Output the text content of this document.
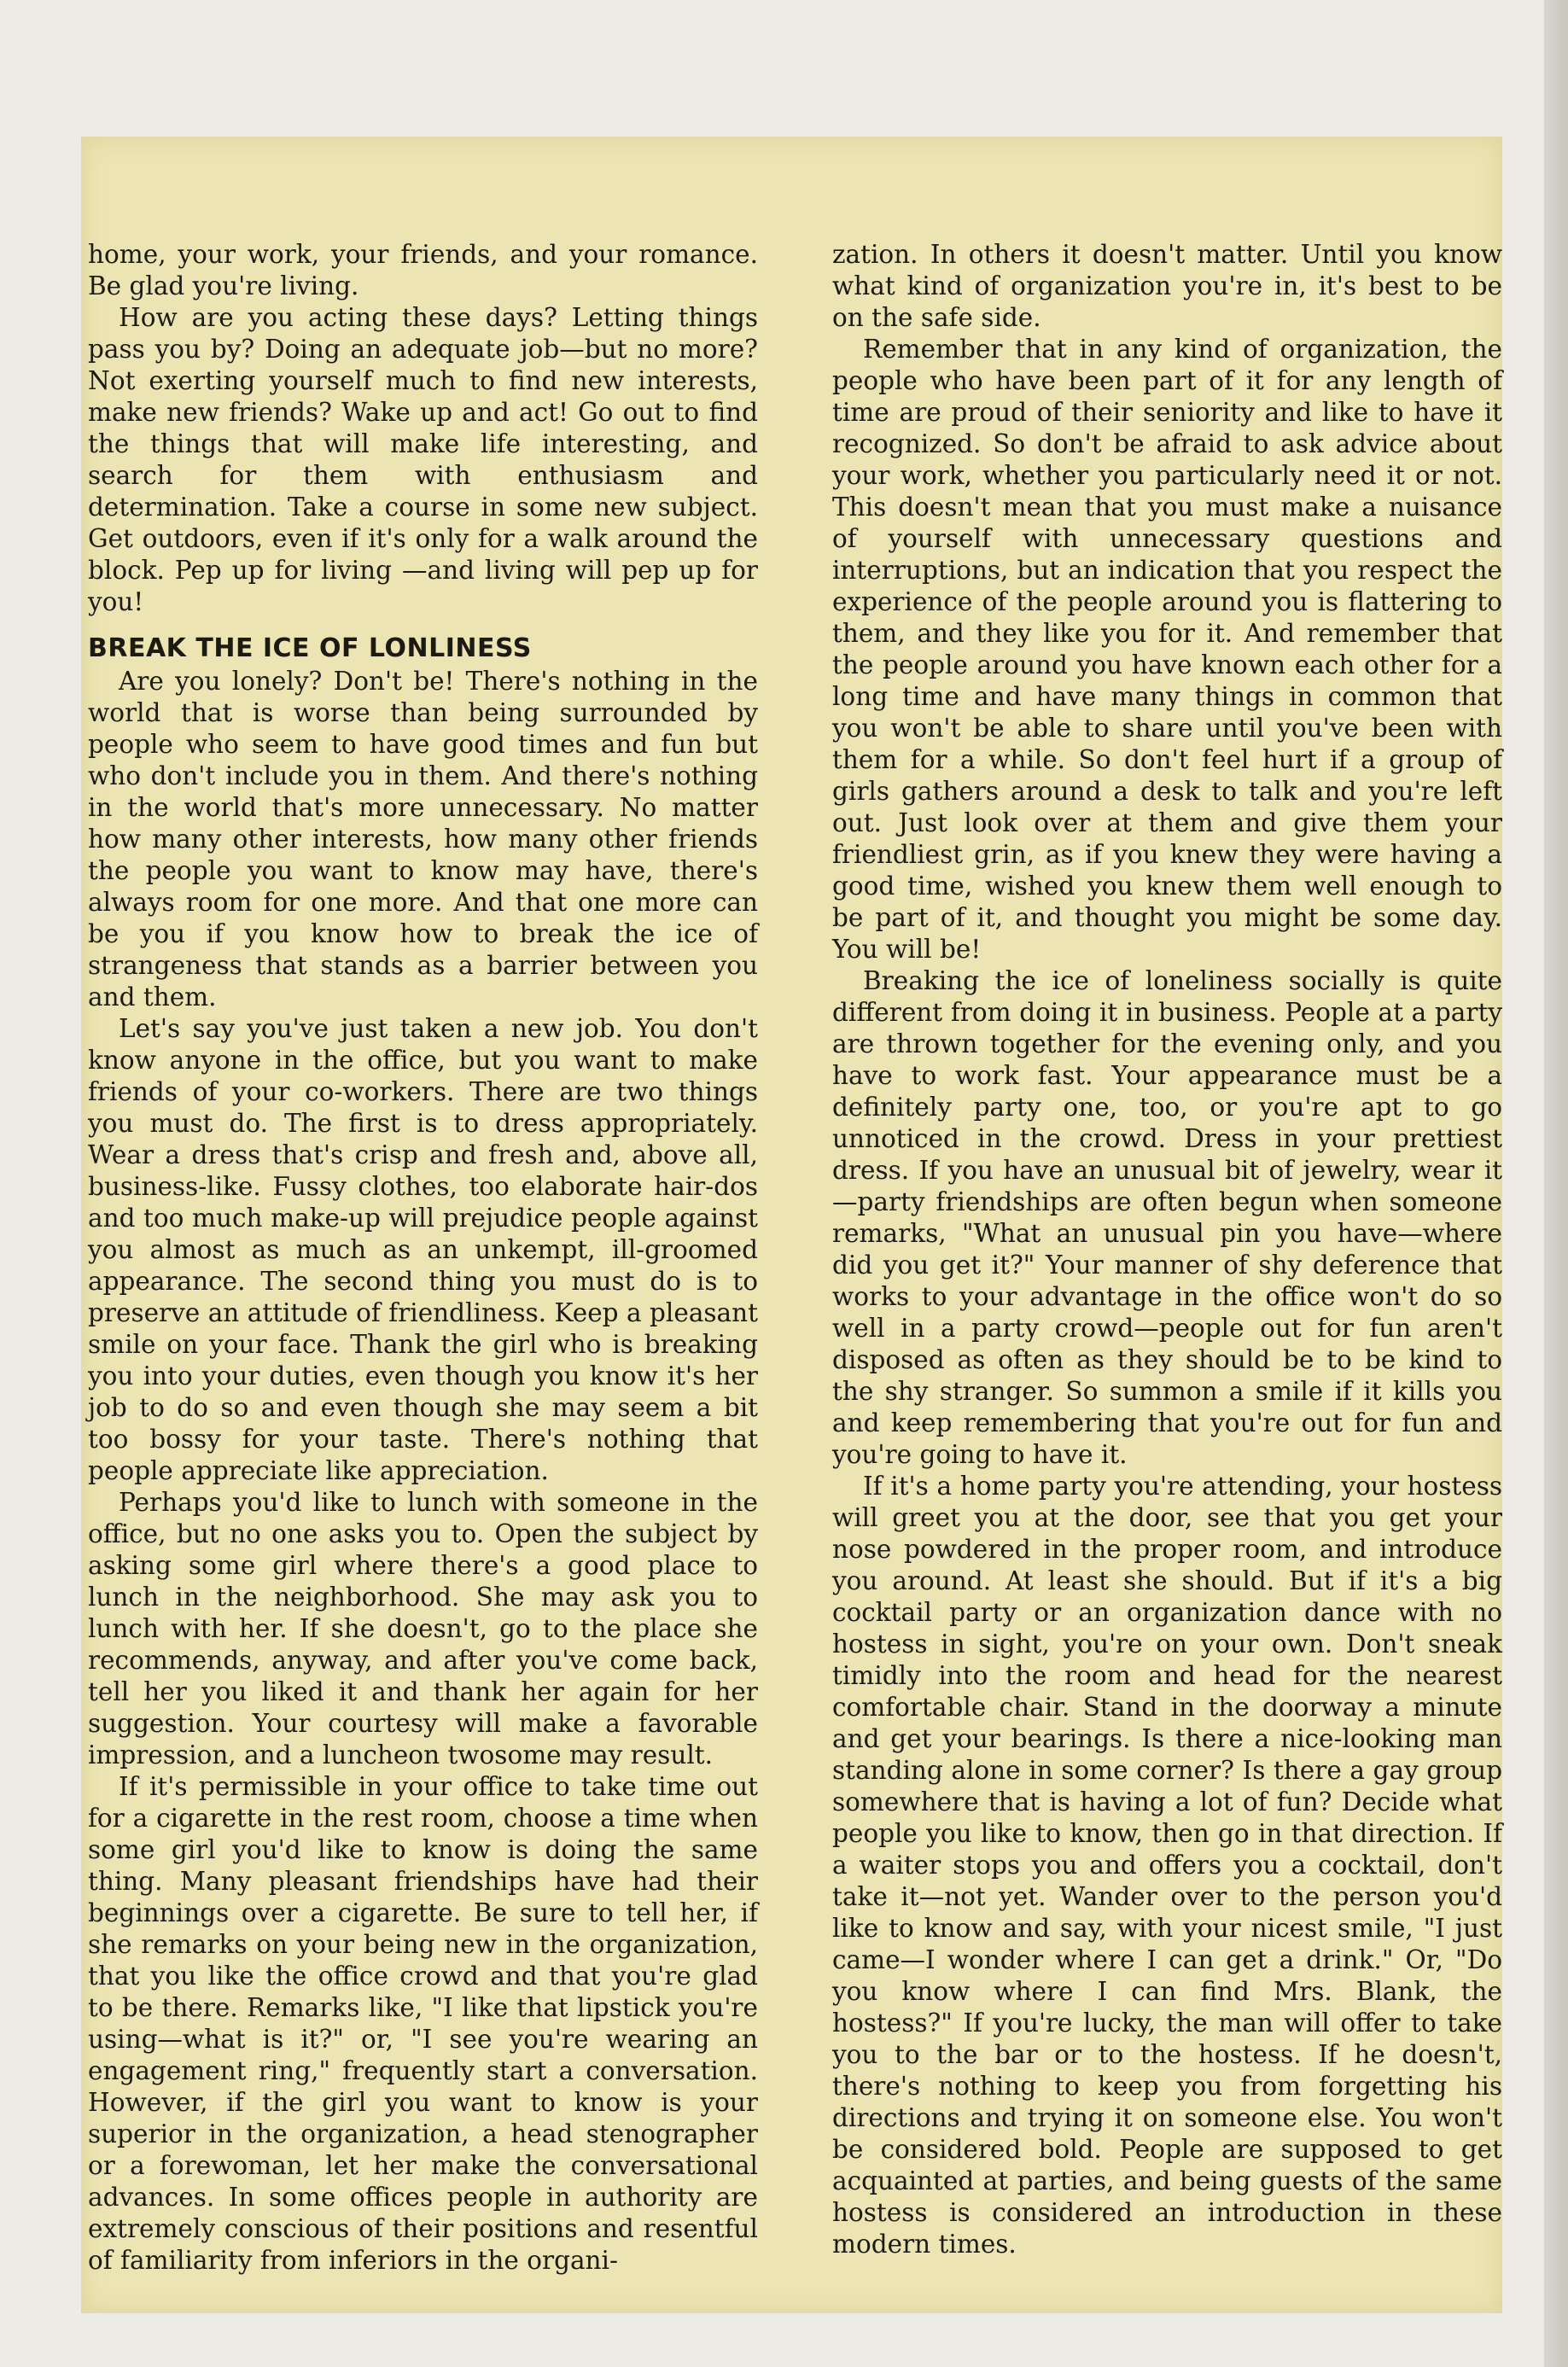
home, your work, your friends, and your romance. Be glad you're living.

How are you acting these days? Letting things pass you by? Doing an adequate job—but no more? Not exerting yourself much to find new interests, make new friends? Wake up and act! Go out to find the things that will make life interesting, and search for them with enthusiasm and determination. Take a course in some new subject. Get outdoors, even if it's only for a walk around the block. Pep up for living —and living will pep up for you!

BREAK THE ICE OF LONLINESS

Are you lonely? Don't be! There's nothing in the world that is worse than being surrounded by people who seem to have good times and fun but who don't include you in them. And there's nothing in the world that's more unnecessary. No matter how many other interests, how many other friends the people you want to know may have, there's always room for one more. And that one more can be you if you know how to break the ice of strangeness that stands as a barrier between you and them.

Let's say you've just taken a new job. You don't know anyone in the office, but you want to make friends of your co-workers. There are two things you must do. The first is to dress appropriately. Wear a dress that's crisp and fresh and, above all, business-like. Fussy clothes, too elaborate hair-dos and too much make-up will prejudice people against you almost as much as an unkempt, ill-groomed appearance. The second thing you must do is to preserve an attitude of friendliness. Keep a pleasant smile on your face. Thank the girl who is breaking you into your duties, even though you know it's her job to do so and even though she may seem a bit too bossy for your taste. There's nothing that people appreciate like appreciation.

Perhaps you'd like to lunch with someone in the office, but no one asks you to. Open the subject by asking some girl where there's a good place to lunch in the neighborhood. She may ask you to lunch with her. If she doesn't, go to the place she recommends, anyway, and after you've come back, tell her you liked it and thank her again for her suggestion. Your courtesy will make a favorable impression, and a luncheon twosome may result.

If it's permissible in your office to take time out for a cigarette in the rest room, choose a time when some girl you'd like to know is doing the same thing. Many pleasant friendships have had their beginnings over a cigarette. Be sure to tell her, if she remarks on your being new in the organization, that you like the office crowd and that you're glad to be there. Remarks like, "I like that lipstick you're using—what is it?" or, "I see you're wearing an engagement ring," frequently start a conversation. However, if the girl you want to know is your superior in the organization, a head stenographer or a forewoman, let her make the conversational advances. In some offices people in authority are extremely conscious of their positions and resentful of familiarity from inferiors in the organi-

zation. In others it doesn't matter. Until you know what kind of organization you're in, it's best to be on the safe side.

Remember that in any kind of organization, the people who have been part of it for any length of time are proud of their seniority and like to have it recognized. So don't be afraid to ask advice about your work, whether you particularly need it or not. This doesn't mean that you must make a nuisance of yourself with unnecessary questions and interruptions, but an indication that you respect the experience of the people around you is flattering to them, and they like you for it. And remember that the people around you have known each other for a long time and have many things in common that you won't be able to share until you've been with them for a while. So don't feel hurt if a group of girls gathers around a desk to talk and you're left out. Just look over at them and give them your friendliest grin, as if you knew they were having a good time, wished you knew them well enough to be part of it, and thought you might be some day. You will be!

Breaking the ice of loneliness socially is quite different from doing it in business. People at a party are thrown together for the evening only, and you have to work fast. Your appearance must be a definitely party one, too, or you're apt to go unnoticed in the crowd. Dress in your prettiest dress. If you have an unusual bit of jewelry, wear it—party friendships are often begun when someone remarks, "What an unusual pin you have—where did you get it?" Your manner of shy deference that works to your advantage in the office won't do so well in a party crowd—people out for fun aren't disposed as often as they should be to be kind to the shy stranger. So summon a smile if it kills you and keep remembering that you're out for fun and you're going to have it.

If it's a home party you're attending, your hostess will greet you at the door, see that you get your nose powdered in the proper room, and introduce you around. At least she should. But if it's a big cocktail party or an organization dance with no hostess in sight, you're on your own. Don't sneak timidly into the room and head for the nearest comfortable chair. Stand in the doorway a minute and get your bearings. Is there a nice-looking man standing alone in some corner? Is there a gay group somewhere that is having a lot of fun? Decide what people you like to know, then go in that direction. If a waiter stops you and offers you a cocktail, don't take it—not yet. Wander over to the person you'd like to know and say, with your nicest smile, "I just came—I wonder where I can get a drink." Or, "Do you know where I can find Mrs. Blank, the hostess?" If you're lucky, the man will offer to take you to the bar or to the hostess. If he doesn't, there's nothing to keep you from forgetting his directions and trying it on someone else. You won't be considered bold. People are supposed to get acquainted at parties, and being guests of the same hostess is considered an introduction in these modern times.
